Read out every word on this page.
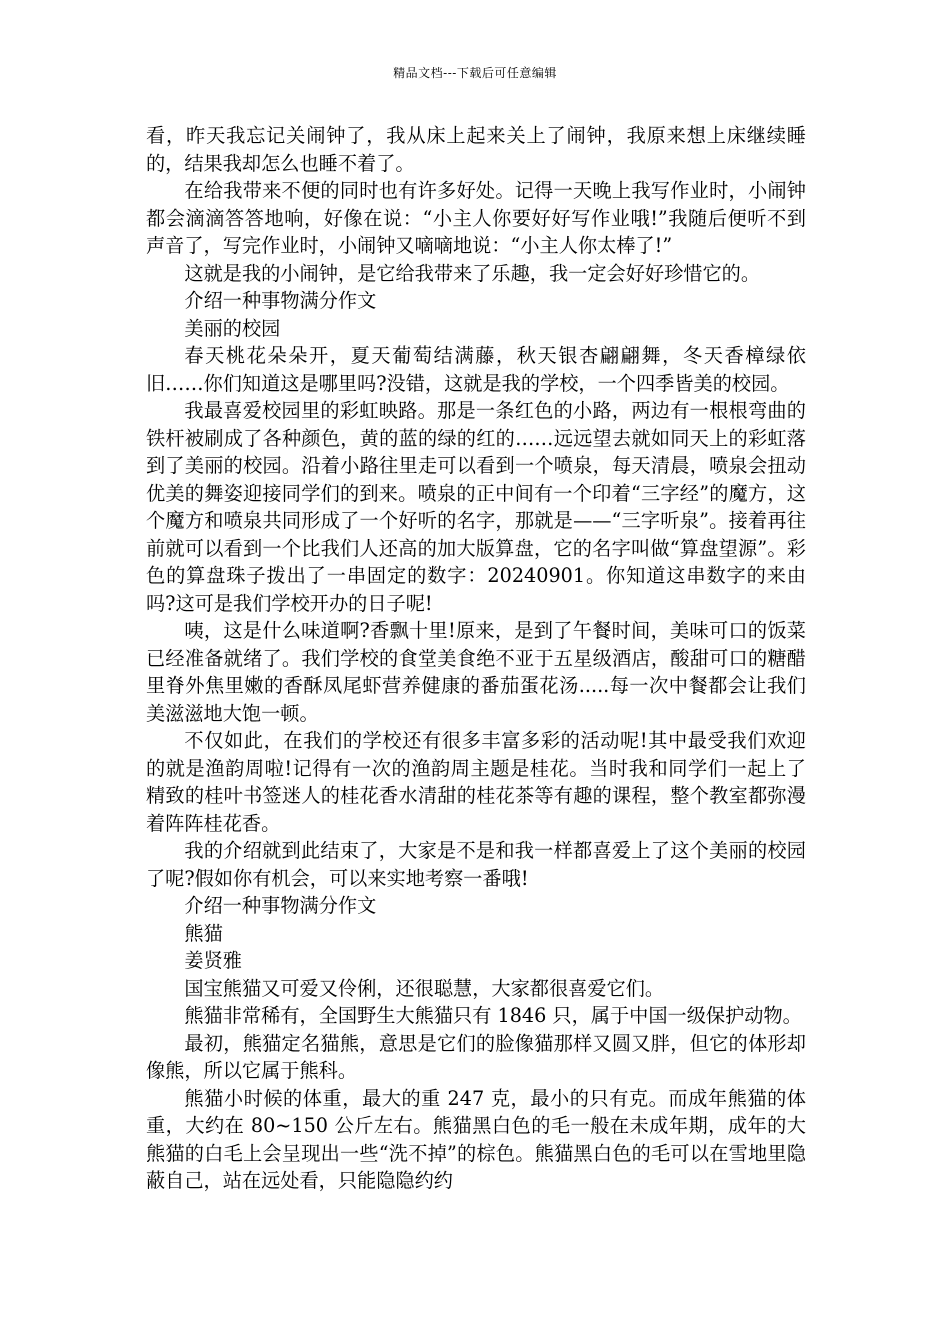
精品文档---下载后可任意编辑

看，昨天我忘记关闹钟了，我从床上起来关上了闹钟，我原来想上床继续睡的，结果我却怎么也睡不着了。

在给我带来不便的同时也有许多好处。记得一天晚上我写作业时，小闹钟都会滴滴答答地响，好像在说：“小主人你要好好写作业哦!”我随后便听不到声音了，写完作业时，小闹钟又嘀嘀地说：“小主人你太棒了!”

这就是我的小闹钟，是它给我带来了乐趣，我一定会好好珍惜它的。

介绍一种事物满分作文

美丽的校园

春天桃花朵朵开，夏天葡萄结满藤，秋天银杏翩翩舞，冬天香樟绿依旧……你们知道这是哪里吗?没错，这就是我的学校，一个四季皆美的校园。

我最喜爱校园里的彩虹映路。那是一条红色的小路，两边有一根根弯曲的铁杆被刷成了各种颜色，黄的蓝的绿的红的……远远望去就如同天上的彩虹落到了美丽的校园。沿着小路往里走可以看到一个喷泉，每天清晨，喷泉会扭动优美的舞姿迎接同学们的到来。喷泉的正中间有一个印着“三字经”的魔方，这个魔方和喷泉共同形成了一个好听的名字，那就是——“三字听泉”。接着再往前就可以看到一个比我们人还高的加大版算盘，它的名字叫做“算盘望源”。彩色的算盘珠子拨出了一串固定的数字：20240901。你知道这串数字的来由吗?这可是我们学校开办的日子呢!

咦，这是什么味道啊?香飘十里!原来，是到了午餐时间，美味可口的饭菜已经准备就绪了。我们学校的食堂美食绝不亚于五星级酒店，酸甜可口的糖醋里脊外焦里嫩的香酥凤尾虾营养健康的番茄蛋花汤.....每一次中餐都会让我们美滋滋地大饱一顿。

不仅如此，在我们的学校还有很多丰富多彩的活动呢!其中最受我们欢迎的就是渔韵周啦!记得有一次的渔韵周主题是桂花。当时我和同学们一起上了精致的桂叶书签迷人的桂花香水清甜的桂花茶等有趣的课程，整个教室都弥漫着阵阵桂花香。

我的介绍就到此结束了，大家是不是和我一样都喜爱上了这个美丽的校园了呢?假如你有机会，可以来实地考察一番哦!

介绍一种事物满分作文

熊猫

姜贤雅

国宝熊猫又可爱又伶俐，还很聪慧，大家都很喜爱它们。

熊猫非常稀有，全国野生大熊猫只有 1846 只，属于中国一级保护动物。

最初，熊猫定名猫熊，意思是它们的脸像猫那样又圆又胖，但它的体形却像熊，所以它属于熊科。

熊猫小时候的体重，最大的重 247 克，最小的只有克。而成年熊猫的体重，大约在 80~150 公斤左右。熊猫黑白色的毛一般在未成年期，成年的大熊猫的白毛上会呈现出一些“洗不掉”的棕色。熊猫黑白色的毛可以在雪地里隐蔽自己，站在远处看，只能隐隐约约
